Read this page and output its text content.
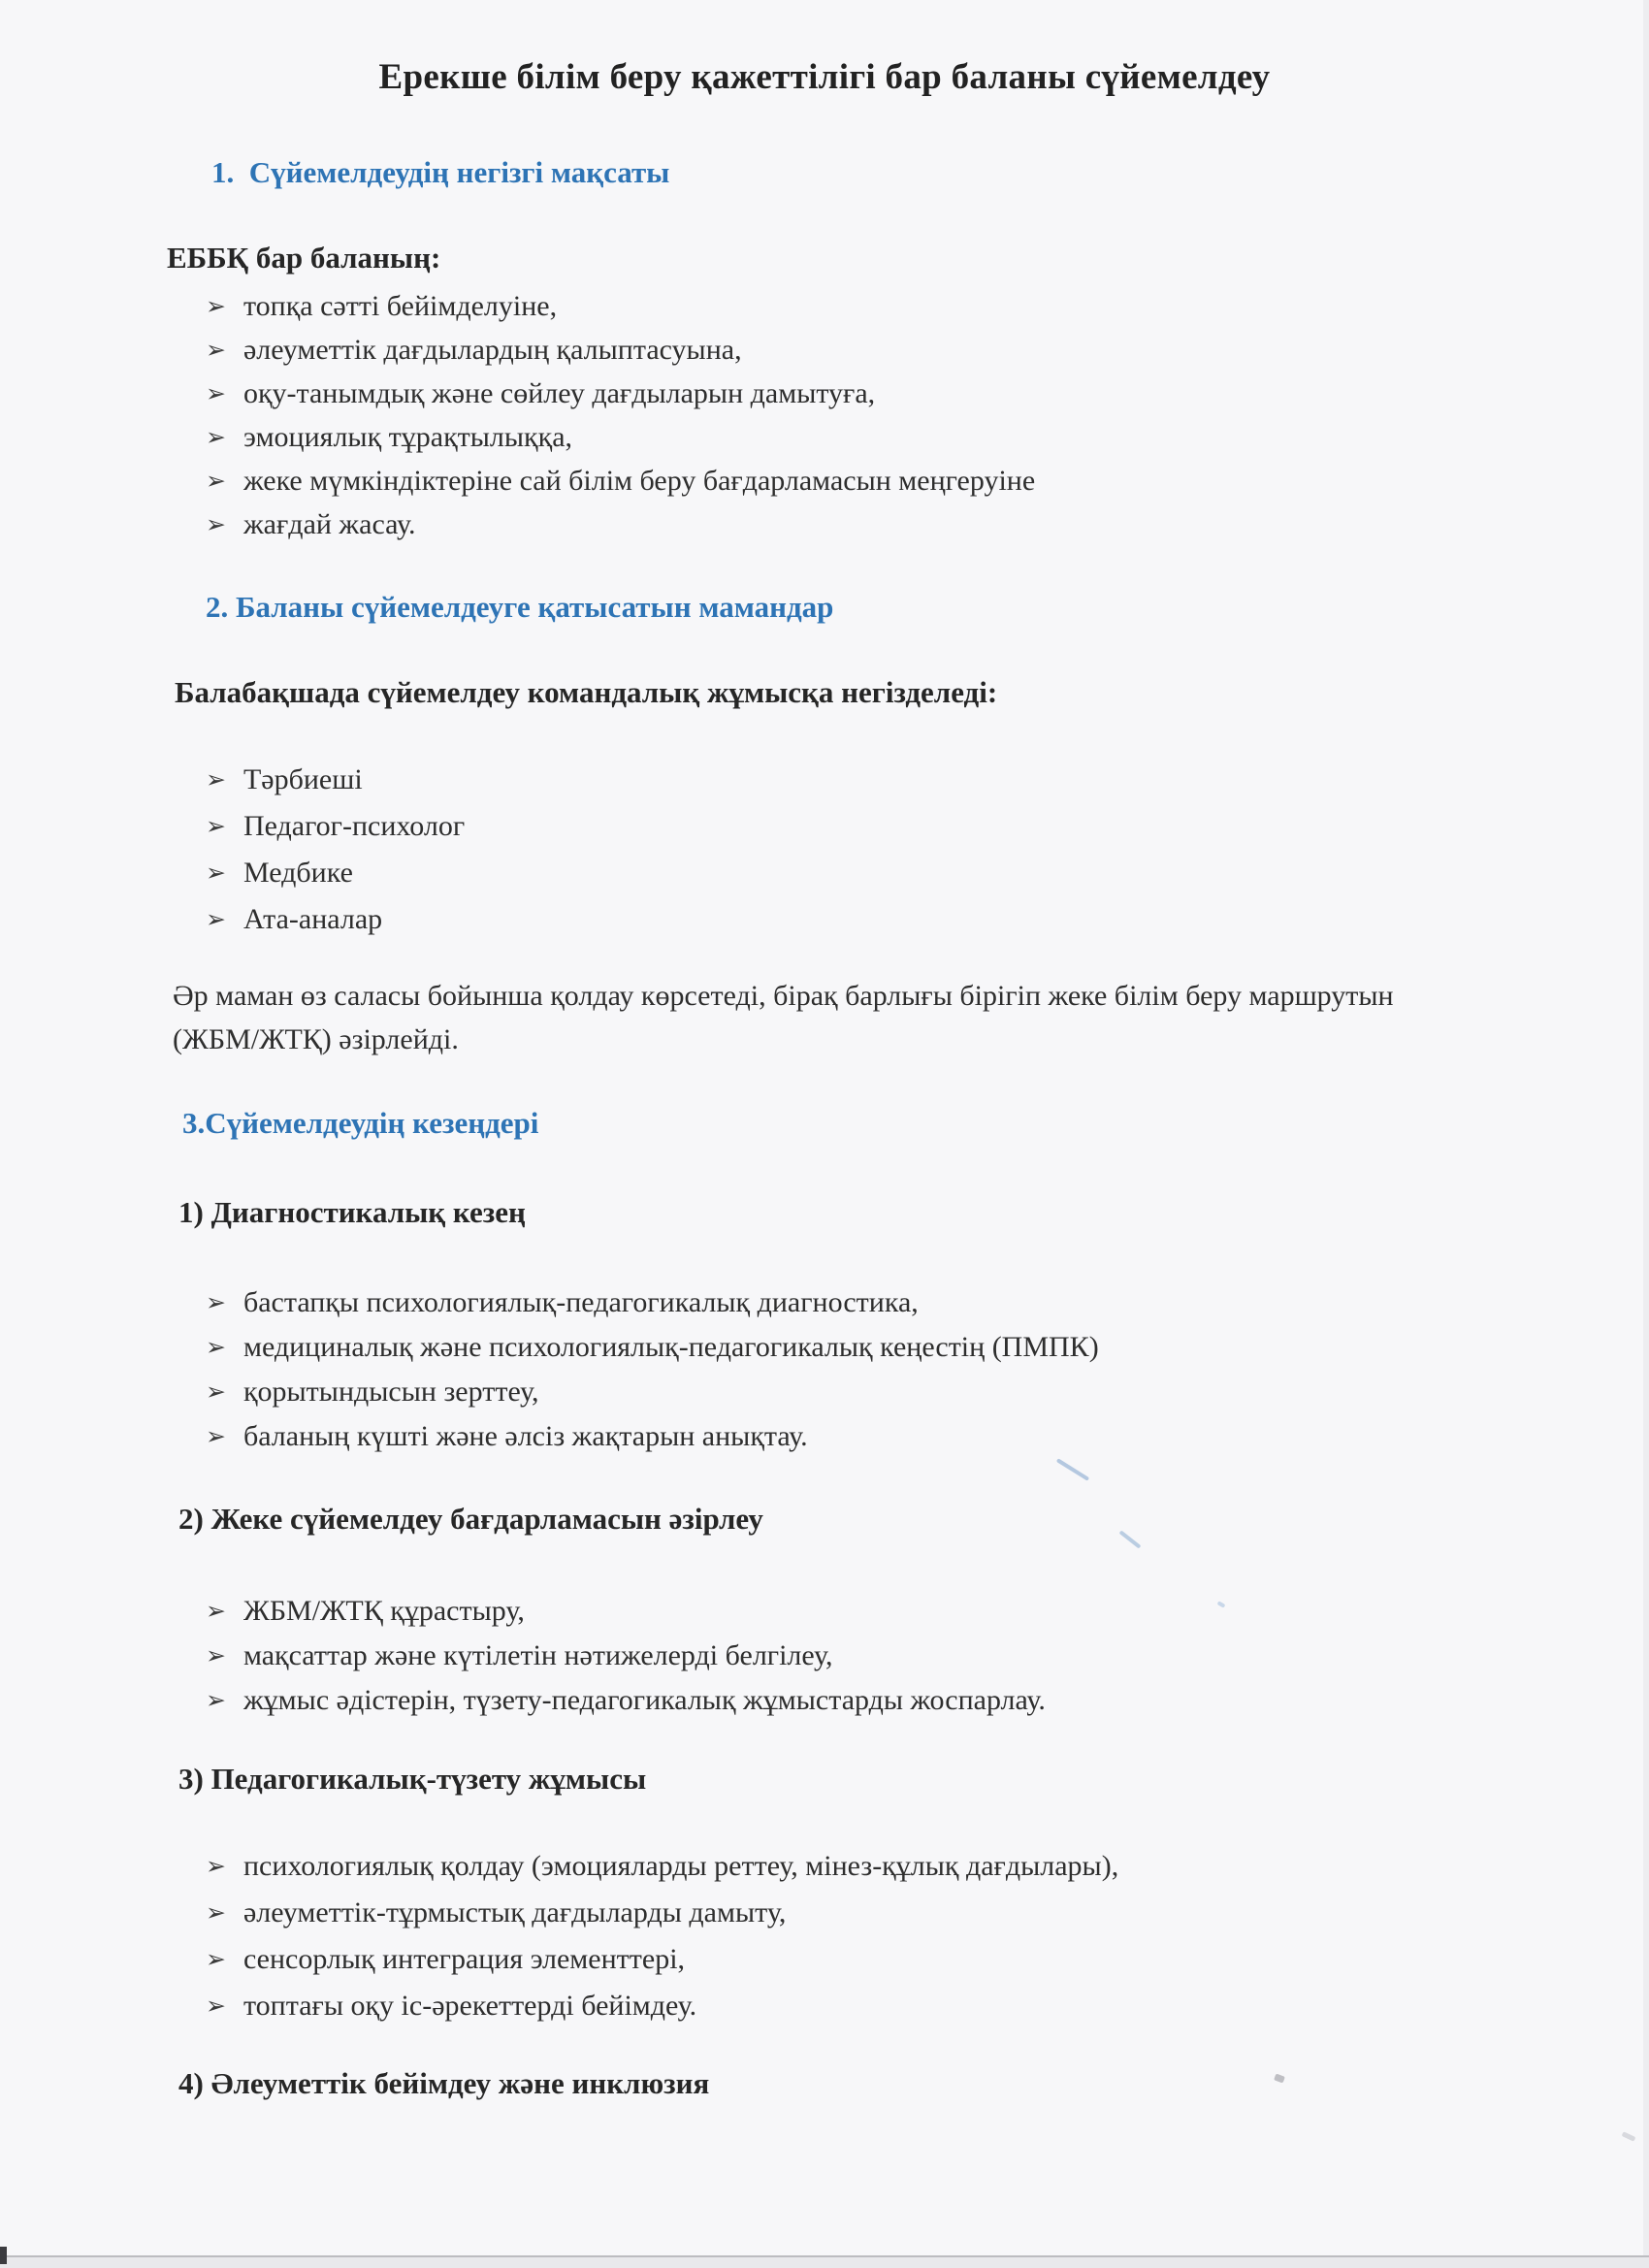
Ерекше білім беру қажеттілігі бар баланы сүйемелдеу
1.  Сүйемелдеудің негізгі мақсаты
ЕББҚ бар баланың:
➢ топқа сәтті бейімделуіне,
➢ әлеуметтік дағдылардың қалыптасуына,
➢ оқу-танымдық және сөйлеу дағдыларын дамытуға,
➢ эмоциялық тұрақтылыққа,
➢ жеке мүмкіндіктеріне сай білім беру бағдарламасын меңгеруіне
➢ жағдай жасау.
2. Баланы сүйемелдеуге қатысатын мамандар
Балабақшада сүйемелдеу командалық жұмысқа негізделеді:
➢ Тәрбиеші
➢ Педагог-психолог
➢ Медбике
➢ Ата-аналар
Әр маман өз саласы бойынша қолдау көрсетеді, бірақ барлығы бірігіп жеке білім беру маршрутын (ЖБМ/ЖТҚ) әзірлейді.
3.Сүйемелдеудің кезеңдері
1) Диагностикалық кезең
➢ бастапқы психологиялық-педагогикалық диагностика,
➢ медициналық және психологиялық-педагогикалық кеңестің (ПМПК)
➢ қорытындысын зерттеу,
➢ баланың күшті және әлсіз жақтарын анықтау.
2) Жеке сүйемелдеу бағдарламасын әзірлеу
➢ ЖБМ/ЖТҚ құрастыру,
➢ мақсаттар және күтілетін нәтижелерді белгілеу,
➢ жұмыс әдістерін, түзету-педагогикалық жұмыстарды жоспарлау.
3) Педагогикалық-түзету жұмысы
➢ психологиялық қолдау (эмоцияларды реттеу, мінез-құлық дағдылары),
➢ әлеуметтік-тұрмыстық дағдыларды дамыту,
➢ сенсорлық интеграция элементтері,
➢ топтағы оқу іс-әрекеттерді бейімдеу.
4) Әлеуметтік бейімдеу және инклюзия
